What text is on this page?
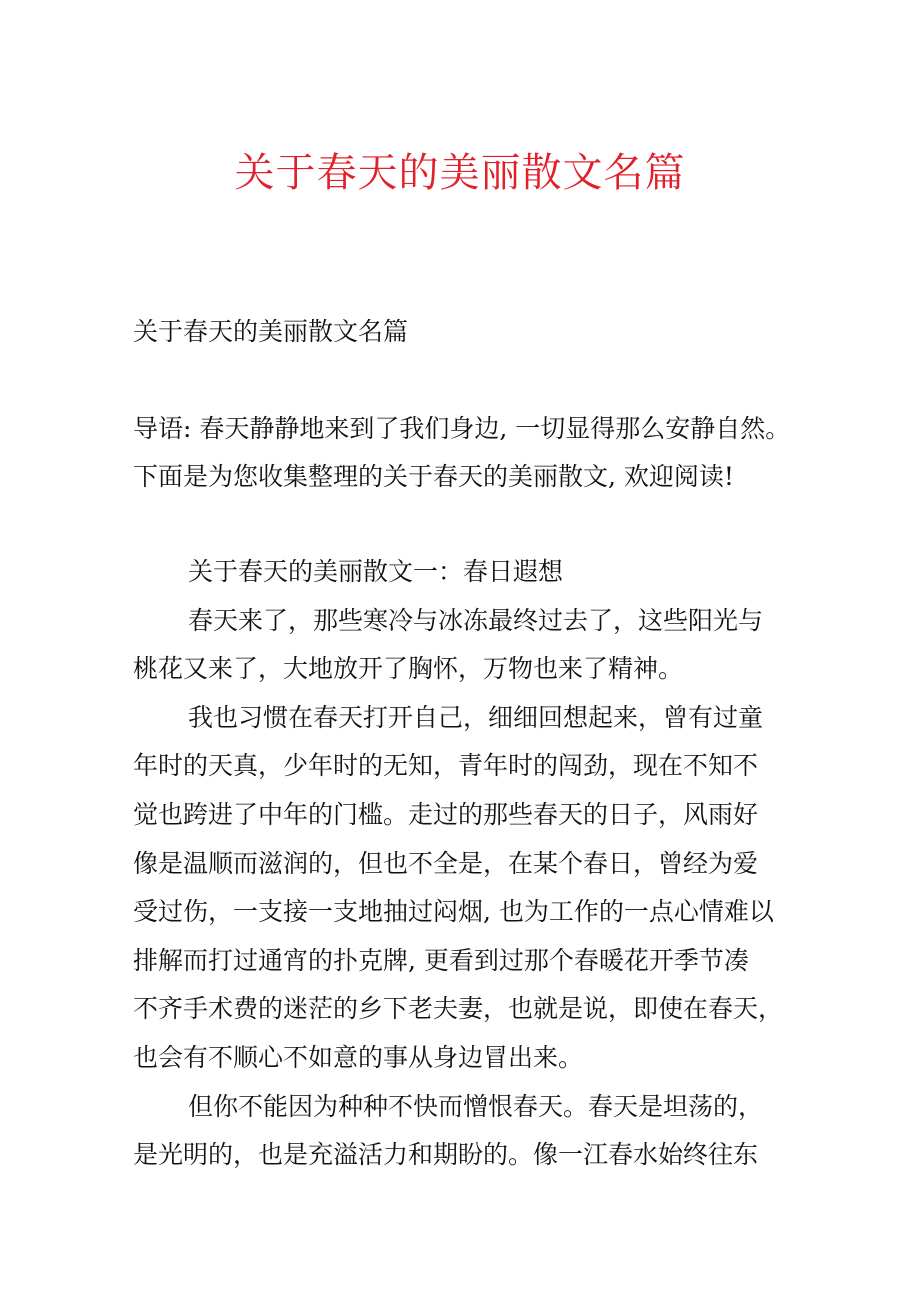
关于春天的美丽散文名篇

关于春天的美丽散文名篇

导语: 春天静静地来到了我们身边, 一切显得那么安静自然。
下面是为您收集整理的关于春天的美丽散文, 欢迎阅读!
关于春天的美丽散文一：春日遐想
春天来了，那些寒冷与冰冻最终过去了，这些阳光与
桃花又来了，大地放开了胸怀，万物也来了精神。
我也习惯在春天打开自己，细细回想起来，曾有过童
年时的天真，少年时的无知，青年时的闯劲，现在不知不
觉也跨进了中年的门槛。走过的那些春天的日子，风雨好
像是温顺而滋润的，但也不全是，在某个春日，曾经为爱
受过伤，一支接一支地抽过闷烟, 也为工作的一点心情难以
排解而打过通宵的扑克牌, 更看到过那个春暖花开季节凑
不齐手术费的迷茫的乡下老夫妻，也就是说，即使在春天，
也会有不顺心不如意的事从身边冒出来。
但你不能因为种种不快而憎恨春天。春天是坦荡的，
是光明的，也是充溢活力和期盼的。像一江春水始终往东
